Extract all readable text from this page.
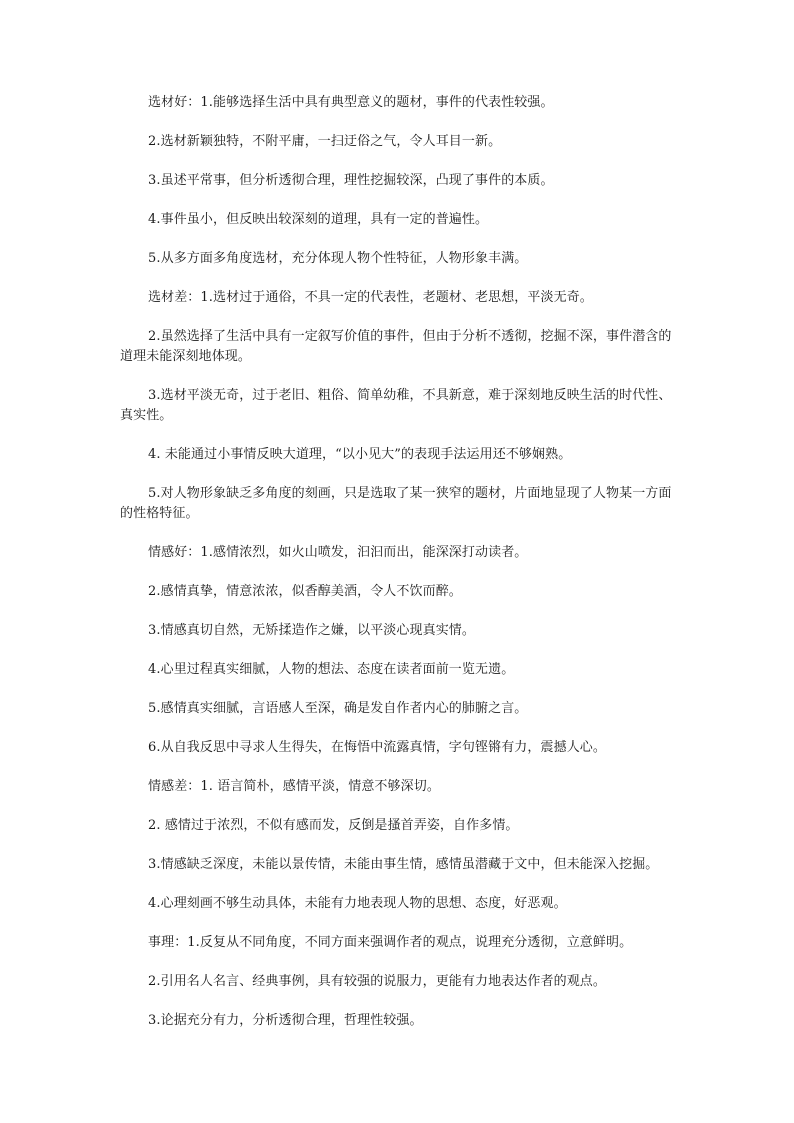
选材好：1.能够选择生活中具有典型意义的题材，事件的代表性较强。

2.选材新颖独特，不附平庸，一扫迂俗之气，令人耳目一新。

3.虽述平常事，但分析透彻合理，理性挖掘较深，凸现了事件的本质。

4.事件虽小，但反映出较深刻的道理，具有一定的普遍性。

5.从多方面多角度选材，充分体现人物个性特征，人物形象丰满。

选材差：1.选材过于通俗，不具一定的代表性，老题材、老思想，平淡无奇。

2.虽然选择了生活中具有一定叙写价值的事件，但由于分析不透彻，挖掘不深，事件潜含的道理未能深刻地体现。

3.选材平淡无奇，过于老旧、粗俗、简单幼稚，不具新意，难于深刻地反映生活的时代性、真实性。

4. 未能通过小事情反映大道理，“以小见大”的表现手法运用还不够娴熟。

5.对人物形象缺乏多角度的刻画，只是选取了某一狭窄的题材，片面地显现了人物某一方面的性格特征。

情感好：1.感情浓烈，如火山喷发，汩汩而出，能深深打动读者。

2.感情真挚，情意浓浓，似香醇美酒，令人不饮而醉。

3.情感真切自然，无矫揉造作之嫌，以平淡心现真实情。

4.心里过程真实细腻，人物的想法、态度在读者面前一览无遗。

5.感情真实细腻，言语感人至深，确是发自作者内心的肺腑之言。

6.从自我反思中寻求人生得失，在悔悟中流露真情，字句铿锵有力，震撼人心。

情感差：1. 语言简朴，感情平淡，情意不够深切。

2. 感情过于浓烈，不似有感而发，反倒是搔首弄姿，自作多情。

3.情感缺乏深度，未能以景传情，未能由事生情，感情虽潜藏于文中，但未能深入挖掘。

4.心理刻画不够生动具体，未能有力地表现人物的思想、态度，好恶观。

事理：1.反复从不同角度，不同方面来强调作者的观点，说理充分透彻，立意鲜明。

2.引用名人名言、经典事例，具有较强的说服力，更能有力地表达作者的观点。

3.论据充分有力，分析透彻合理，哲理性较强。
